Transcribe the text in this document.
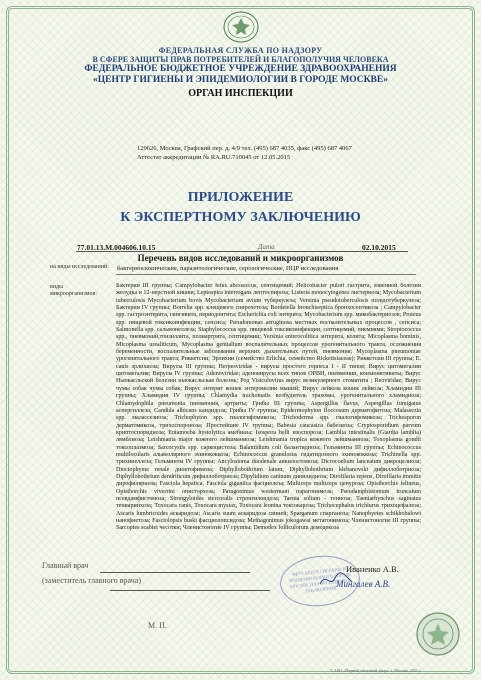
ФЕДЕРАЛЬНАЯ СЛУЖБА ПО НАДЗОРУ

В СФЕРЕ ЗАЩИТЫ ПРАВ ПОТРЕБИТЕЛЕЙ И БЛАГОПОЛУЧИЯ ЧЕЛОВЕКА

ФЕДЕРАЛЬНОЕ БЮДЖЕТНОЕ УЧРЕЖДЕНИЕ ЗДРАВООХРАНЕНИЯ

«ЦЕНТР ГИГИЕНЫ И ЭПИДЕМИОЛОГИИ В ГОРОДЕ МОСКВЕ»

ОРГАН ИНСПЕКЦИИ

129626, Москва, Графский пер. д. 4/9 тел. (495) 687 4035, факс (495) 687 4067
Аттестат аккредитации № RA.RU.710045 от 12.05.2015
ПРИЛОЖЕНИЕ
К ЭКСПЕРТНОМУ ЗАКЛЮЧЕНИЮ
77.01.13.М.004606.10.15	Дата	02.10.2015
Перечень видов исследований и микроорганизмов
на виды исследований: бактериоскопические, паразитологические, серологические, ПЦР исследования
виды микроорганизмов:
Бактерии III группы; Campylobacter fetus abcsseccus, сентицемий; Helicobacter pulori гастрита, язвенной болезни желудка и 12-перстной кишки; Leptospira interrogans лептоспироза; Listeria monocytogenes листериоза; Mycobacterium tuberculosis Mycobacterium bovis Mycobacterium avium туберкулеза; Versinia pseudotuberculosis псевдотуберкулеза; Бактерии IV группы; Borrelia spp. клещевого спирохетоза; Bordetella bronchiseptica бронхосептикоза ; Campylobacter spp. гастроэнтерита, гингивита, периодонтита; Escherichia coli энтерита; Mycobacterium spp. микобактериозов; Proteus spp. пищевой токсикоинфекции, сепсиса; Pseudomonas aeruginosa местных воспалительных процессов , сепсиса; Salmonella spp. сальмонеллеза; Staphylococcus spp. пищевой токсикоинфекции, септицемий, пиемиями; Streptococcus spp., пневмоний,тонзиллита, полиартрита, септицемии; Yersinia enterocolitica энтерита, колита; Micoplasma hominis, Micoplasma urealiticum, Mycoplasma genitalium воспалительных процессов урогенитального тракта, осложнения беременности, воспалительные заболевания верхних дыхательных путей, пневмония; Mycoplasma pneumoniae урогенитального тракта; Риккетсии; Эрлихии (семейство Erlichia, семейство Rickettsiaceae); Риккетсии III группы; E. canis эрлихиоза; Вирусы III группы; Herpesviridae - вирусы простого герпеса I - II типов; Вирус цитомегалии цитомегалия; Вирусы IV группы; Adenoviridae; аденовирусы всех типов ОРВИ, пневмонии, конъюнктивиты; Вирус Ньюкасльской болезни ньюкасльская болезнь; Род Visiculovirus вирус везикулярного стоматита ; Reoviridae; Вирус чумы собак чумы собак; Вирус энтерит кошек энтеромелии мышей; Вирус лейкоза кошек лейкоза; Хламидии III группы; Хламидии IV группы; Chlamydia trachomatis возбудитель трахомы, урогенитального хламидиоза; Chlamydophila pneumonia пневмония, артриты; Грибы III группы; Aspergillus flavus, Aspergillus fumigatus аспергиллеза; Candida albicans кандидоза; Грибы IV группы; Epidermophyton floccosum дерматофитоза; Malassezia spp. малассезиоза; Trichophyton spp. гиалогифомикоза; Trichoderma spp. гиалогифомикоза; Trichosporon дерматомикоза, трихоспороноза; Простейшие IV группы; Babesia caucasica бабезиоза; Cryptosporidium parvum криптоспоридиоза; Entamoeba hystolytica амебиаза; Isospora belli изоспороза; Lamblia intestinalis (Giardia lamblia) лямблиоза; Leishmania major кожного лейшманиоза; Leishmania tropica кожного лейшманиоза; Toxoplasma gondii токсоплазмоза; Sarcocystis spp. саркоцистоза; Balantidium coli балантидиоза; Гельминты III группы; Echinococcus multilocularis альвеолярного эхинококкоза; Echinococcus granulosus гидатидозного эхинококкоза; Trichinella spp. трихинеллеза; Гельминты IV группы; Ancylostoma duodenale анкилостомоза; Dicrocoelium lanceatum дикроцелиоза; Dioctophyme renale диоктофимоза; Diphyllobothrium latum, Diphyllobothrium klebanovski дифиллоботриоза; Diphyllobothrium dendriticum дифиллоботриоза; Dipylidium caninum дипилидиоза; Dirofilaria repens, Dirofilaria immitis дирофиляриоза; Fasciola hepatica, Fasciola gigantica фасциолеза; Multiceps multiceps ценуроза; Opisthorchis felineus, Opisthorchis viverrini описторхоза; Paragonimus westermani парагонимоза; Pseudamphistomum truncatum псевдамфистомоза; Strongyloides stercoralis стронгилоидоза; Taenia solium - тениоза; Taeniarhynchus saginatus тениаринхоза; Toxocara canis, Toxocara mystax, Toxocara leonina токсокароза; Trichocephalus trichiurus трихоцефалеза; Ascaris lumbricoides аскаридоза; Ascaris suum аскаридоза свиней; Sparganum спарганоза; Nanophyetes schikhobalowi нанофиетоза; Fasciolopsis buski фасциолопсидоза; Methagonimus jokogawai метагонимоза; Членистоногие III группы; Sarcoptes scabiei чесотки; Членистоногие IV группы; Demodex folliculorum демодекоза
Главный врач
(заместитель главного врача)
М. П.
ФБУЗ ЦЕНТР ГИГИЕНЫ И ЭПИДЕМИОЛОГИИ В ГОРОДЕ МОСКВЕ ДЛЯ ЭКСПЕРТНЫХ ЗАКЛЮЧЕНИЙ
Иваненко А.В.
Мингалев А.В.
© ЗАО «Первый печатный двор», г. Москва, 2011 г.
